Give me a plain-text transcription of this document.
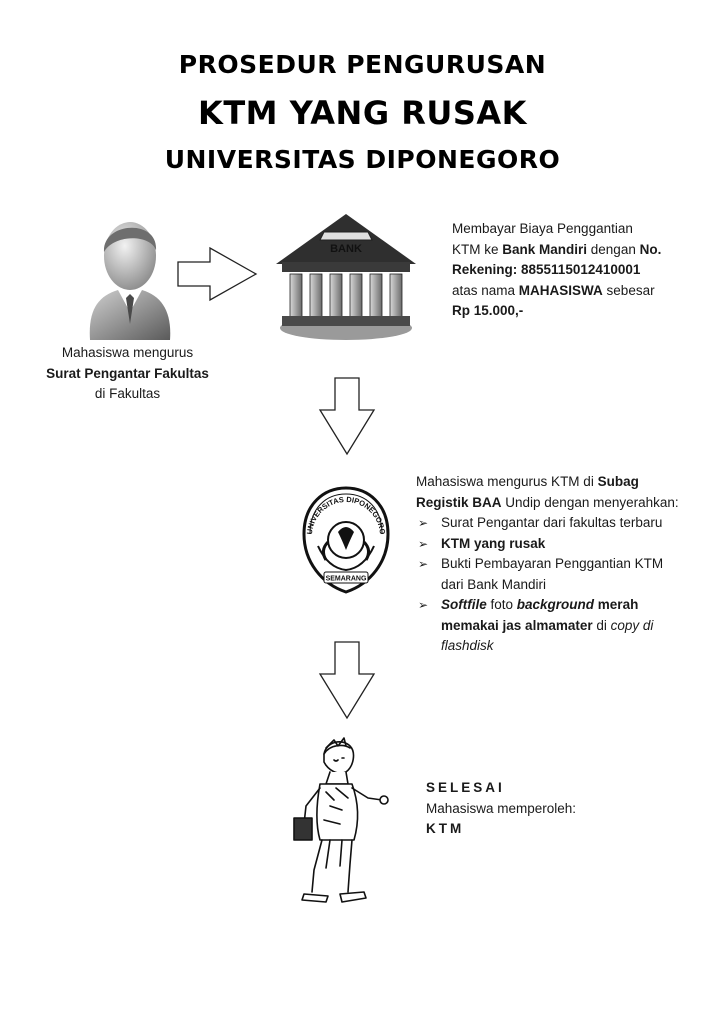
PROSEDUR PENGURUSAN
KTM YANG RUSAK
UNIVERSITAS DIPONEGORO
Mahasiswa mengurus
Surat Pengantar Fakultas
di Fakultas
BANK
Membayar Biaya Penggantian
KTM ke Bank Mandiri dengan No.
Rekening: 8855115012410001
atas nama MAHASISWA sebesar
Rp 15.000,-
UNIVERSITAS DIPONEGORO
SEMARANG
Mahasiswa mengurus KTM di Subag
Registik BAA Undip dengan menyerahkan:
➢ Surat Pengantar dari fakultas terbaru
➢ KTM yang rusak
➢ Bukti Pembayaran Penggantian KTM
dari Bank Mandiri
➢ Softfile foto background merah
memakai jas almamater di copy di
flashdisk
SELESAI
Mahasiswa memperoleh:
KTM
